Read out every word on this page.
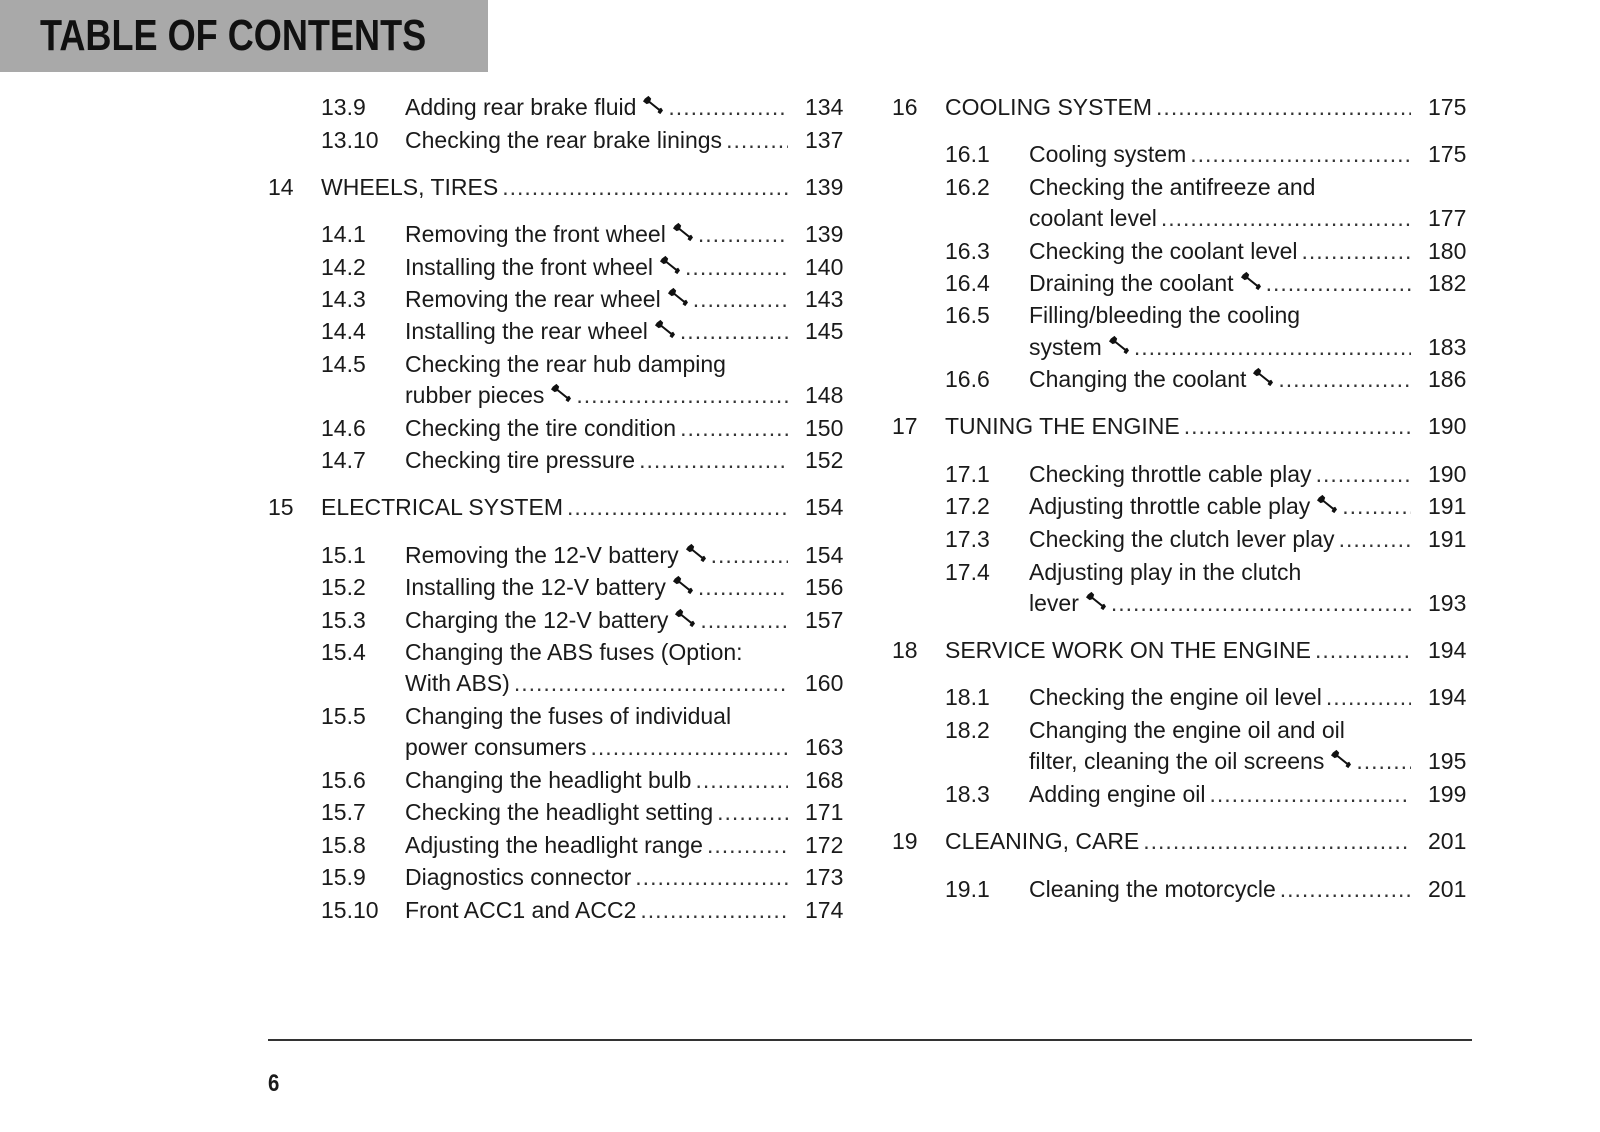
TABLE OF CONTENTS
13.9 Adding rear brake fluid .....	134
13.10 Checking the rear brake linings .....	137
14 WHEELS, TIRES .....	139
14.1 Removing the front wheel .....	139
14.2 Installing the front wheel .....	140
14.3 Removing the rear wheel .....	143
14.4 Installing the rear wheel .....	145
14.5 Checking the rear hub damping
rubber pieces .....	148
14.6 Checking the tire condition .....	150
14.7 Checking tire pressure .....	152
15 ELECTRICAL SYSTEM .....	154
15.1 Removing the 12-V battery .....	154
15.2 Installing the 12-V battery .....	156
15.3 Charging the 12-V battery .....	157
15.4 Changing the ABS fuses (Option:
With ABS) .....	160
15.5 Changing the fuses of individual
power consumers .....	163
15.6 Changing the headlight bulb .....	168
15.7 Checking the headlight setting .....	171
15.8 Adjusting the headlight range .....	172
15.9 Diagnostics connector .....	173
15.10 Front ACC1 and ACC2 .....	174
16 COOLING SYSTEM .....	175
16.1 Cooling system .....	175
16.2 Checking the antifreeze and
coolant level .....	177
16.3 Checking the coolant level .....	180
16.4 Draining the coolant .....	182
16.5 Filling/bleeding the cooling
system .....	183
16.6 Changing the coolant .....	186
17 TUNING THE ENGINE .....	190
17.1 Checking throttle cable play .....	190
17.2 Adjusting throttle cable play .....	191
17.3 Checking the clutch lever play .....	191
17.4 Adjusting play in the clutch
lever .....	193
18 SERVICE WORK ON THE ENGINE .....	194
18.1 Checking the engine oil level .....	194
18.2 Changing the engine oil and oil
filter, cleaning the oil screens .....	195
18.3 Adding engine oil .....	199
19 CLEANING, CARE .....	201
19.1 Cleaning the motorcycle .....	201
6
